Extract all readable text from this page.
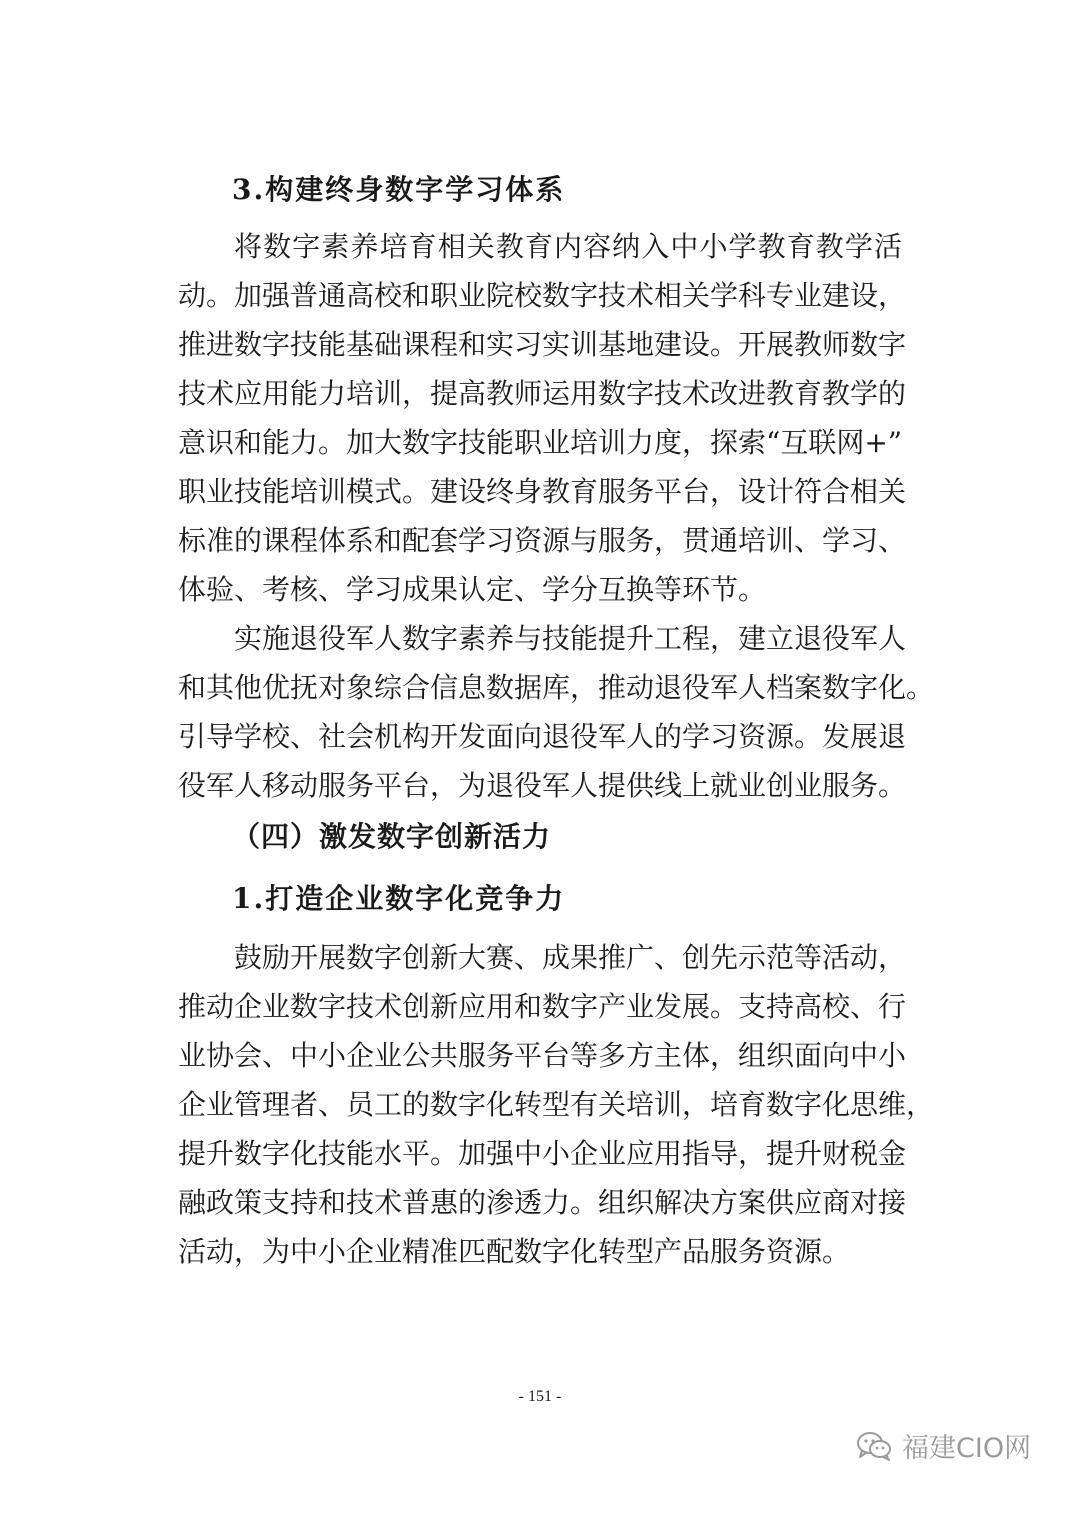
3.构建终身数字学习体系
将数字素养培育相关教育内容纳入中小学教育教学活
动。加强普通高校和职业院校数字技术相关学科专业建设，
推进数字技能基础课程和实习实训基地建设。开展教师数字
技术应用能力培训，提高教师运用数字技术改进教育教学的
意识和能力。加大数字技能职业培训力度，探索“互联网+”
职业技能培训模式。建设终身教育服务平台，设计符合相关
标准的课程体系和配套学习资源与服务，贯通培训、学习、
体验、考核、学习成果认定、学分互换等环节。
实施退役军人数字素养与技能提升工程，建立退役军人
和其他优抚对象综合信息数据库，推动退役军人档案数字化。
引导学校、社会机构开发面向退役军人的学习资源。发展退
役军人移动服务平台，为退役军人提供线上就业创业服务。
（四）激发数字创新活力
1.打造企业数字化竞争力
鼓励开展数字创新大赛、成果推广、创先示范等活动，
推动企业数字技术创新应用和数字产业发展。支持高校、行
业协会、中小企业公共服务平台等多方主体，组织面向中小
企业管理者、员工的数字化转型有关培训，培育数字化思维，
提升数字化技能水平。加强中小企业应用指导，提升财税金
融政策支持和技术普惠的渗透力。组织解决方案供应商对接
活动，为中小企业精准匹配数字化转型产品服务资源。
- 151 -
福建CIO网
